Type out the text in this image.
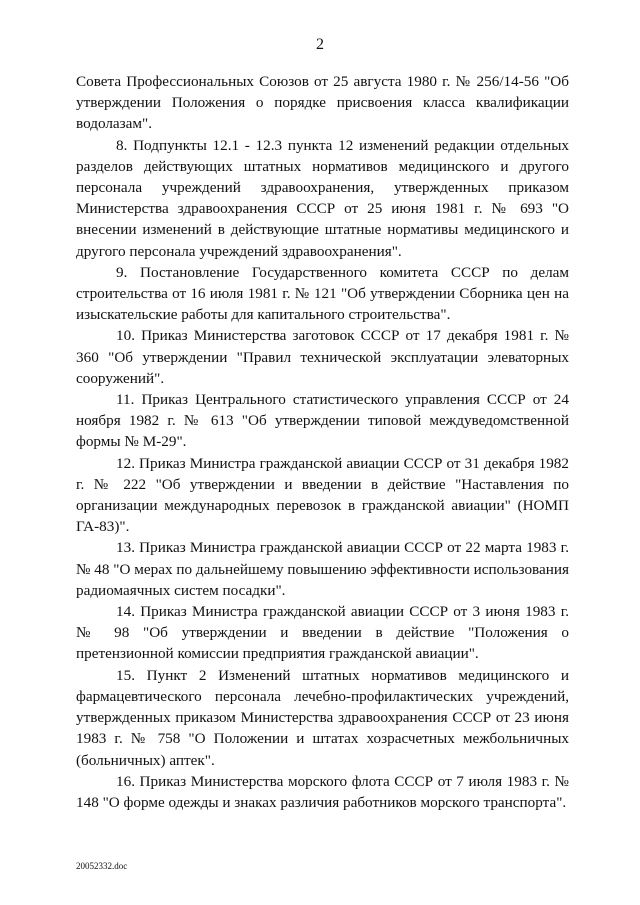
2

Совета Профессиональных Союзов от 25 августа 1980 г. № 256/14-56 "Об утверждении Положения о порядке присвоения класса квалификации водолазам".

8. Подпункты 12.1 - 12.3 пункта 12 изменений редакции отдельных разделов действующих штатных нормативов медицинского и другого персонала учреждений здравоохранения, утвержденных приказом Министерства здравоохранения СССР от 25 июня 1981 г. № 693 "О внесении изменений в действующие штатные нормативы медицинского и другого персонала учреждений здравоохранения".

9. Постановление Государственного комитета СССР по делам строительства от 16 июля 1981 г. № 121 "Об утверждении Сборника цен на изыскательские работы для капитального строительства".

10. Приказ Министерства заготовок СССР от 17 декабря 1981 г. № 360 "Об утверждении "Правил технической эксплуатации элеваторных сооружений".

11. Приказ Центрального статистического управления СССР от 24 ноября 1982 г. № 613 "Об утверждении типовой междуведомственной формы № М-29".

12. Приказ Министра гражданской авиации СССР от 31 декабря 1982 г. № 222 "Об утверждении и введении в действие "Наставления по организации международных перевозок в гражданской авиации" (НОМП ГА-83)".

13. Приказ Министра гражданской авиации СССР от 22 марта 1983 г. № 48 "О мерах по дальнейшему повышению эффективности использования радиомаячных систем посадки".

14. Приказ Министра гражданской авиации СССР от 3 июня 1983 г. № 98 "Об утверждении и введении в действие "Положения о претензионной комиссии предприятия гражданской авиации".

15. Пункт 2 Изменений штатных нормативов медицинского и фармацевтического персонала лечебно-профилактических учреждений, утвержденных приказом Министерства здравоохранения СССР от 23 июня 1983 г. № 758 "О Положении и штатах хозрасчетных межбольничных (больничных) аптек".

16. Приказ Министерства морского флота СССР от 7 июля 1983 г. № 148 "О форме одежды и знаках различия работников морского транспорта".

20052332.doc
